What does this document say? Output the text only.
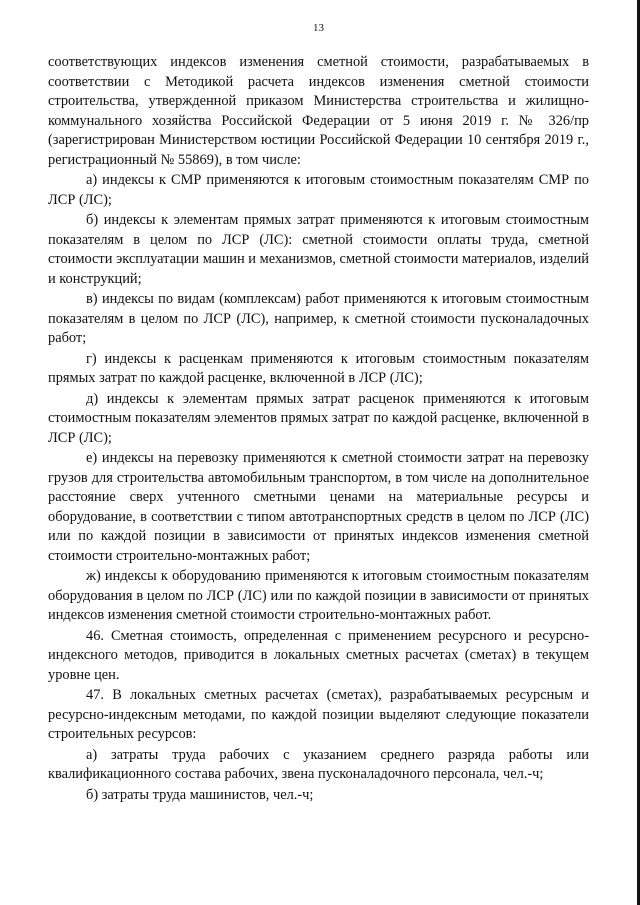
13

соответствующих индексов изменения сметной стоимости, разрабатываемых в соответствии с Методикой расчета индексов изменения сметной стоимости строительства, утвержденной приказом Министерства строительства и жилищно-коммунального хозяйства Российской Федерации от 5 июня 2019 г. № 326/пр (зарегистрирован Министерством юстиции Российской Федерации 10 сентября 2019 г., регистрационный № 55869), в том числе:

а) индексы к СМР применяются к итоговым стоимостным показателям СМР по ЛСР (ЛС);

б) индексы к элементам прямых затрат применяются к итоговым стоимостным показателям в целом по ЛСР (ЛС): сметной стоимости оплаты труда, сметной стоимости эксплуатации машин и механизмов, сметной стоимости материалов, изделий и конструкций;

в) индексы по видам (комплексам) работ применяются к итоговым стоимостным показателям в целом по ЛСР (ЛС), например, к сметной стоимости пусконаладочных работ;

г) индексы к расценкам применяются к итоговым стоимостным показателям прямых затрат по каждой расценке, включенной в ЛСР (ЛС);

д) индексы к элементам прямых затрат расценок применяются к итоговым стоимостным показателям элементов прямых затрат по каждой расценке, включенной в ЛСР (ЛС);

е) индексы на перевозку применяются к сметной стоимости затрат на перевозку грузов для строительства автомобильным транспортом, в том числе на дополнительное расстояние сверх учтенного сметными ценами на материальные ресурсы и оборудование, в соответствии с типом автотранспортных средств в целом по ЛСР (ЛС) или по каждой позиции в зависимости от принятых индексов изменения сметной стоимости строительно-монтажных работ;

ж) индексы к оборудованию применяются к итоговым стоимостным показателям оборудования в целом по ЛСР (ЛС) или по каждой позиции в зависимости от принятых индексов изменения сметной стоимости строительно-монтажных работ.

46. Сметная стоимость, определенная с применением ресурсного и ресурсно-индексного методов, приводится в локальных сметных расчетах (сметах) в текущем уровне цен.

47. В локальных сметных расчетах (сметах), разрабатываемых ресурсным и ресурсно-индексным методами, по каждой позиции выделяют следующие показатели строительных ресурсов:

а) затраты труда рабочих с указанием среднего разряда работы или квалификационного состава рабочих, звена пусконаладочного персонала, чел.-ч;

б) затраты труда машинистов, чел.-ч;
